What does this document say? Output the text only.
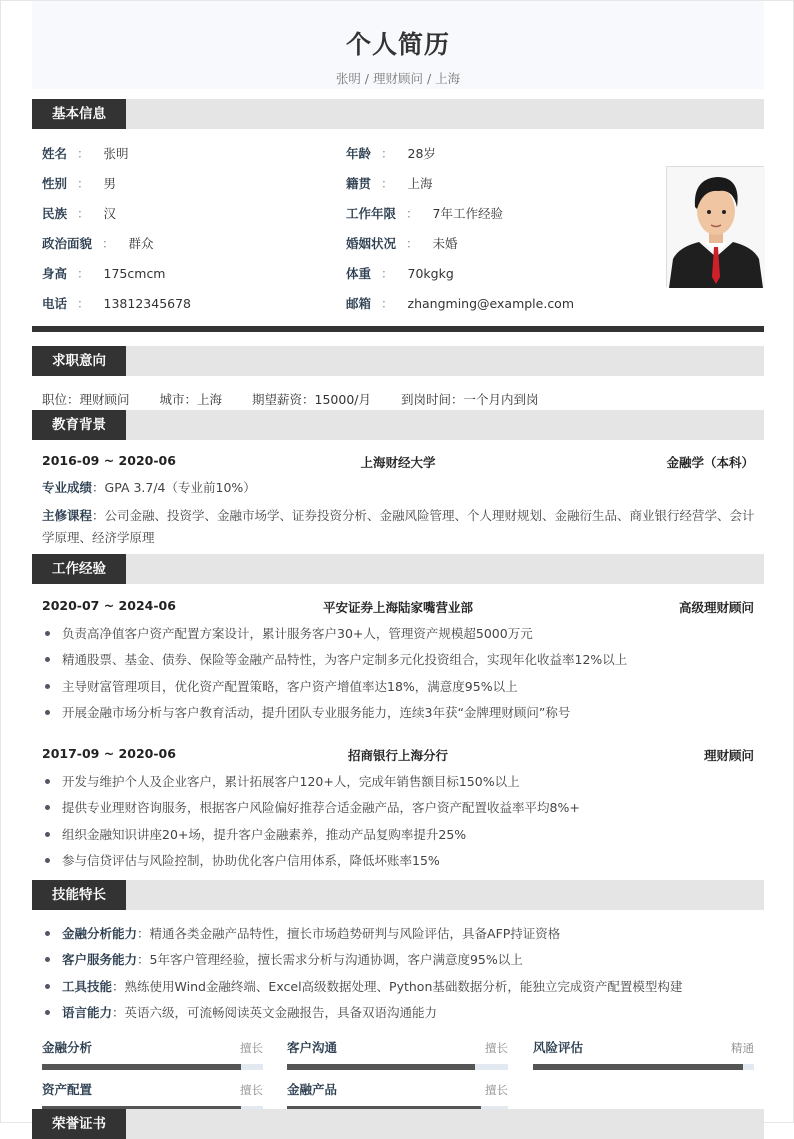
个人简历
张明 / 理财顾问 / 上海
基本信息
姓名 ： 张明
性别 ： 男
民族 ： 汉
政治面貌 ： 群众
身高 ： 175cmcm
电话 ： 13812345678
年龄 ： 28岁
籍贯 ： 上海
工作年限 ： 7年工作经验
婚姻状况 ： 未婚
体重 ： 70kgkg
邮箱 ： zhangming@example.com
求职意向
职位：理财顾问 城市：上海 期望薪资：15000/月 到岗时间：一个月内到岗
教育背景
2016-09 ~ 2020-06	上海财经大学	金融学（本科）
专业成绩：GPA 3.7/4（专业前10%）
主修课程：公司金融、投资学、金融市场学、证券投资分析、金融风险管理、个人理财规划、金融衍生品、商业银行经营学、会计学原理、经济学原理
工作经验
2020-07 ~ 2024-06	平安证券上海陆家嘴营业部	高级理财顾问
负责高净值客户资产配置方案设计，累计服务客户30+人，管理资产规模超5000万元
精通股票、基金、债券、保险等金融产品特性，为客户定制多元化投资组合，实现年化收益率12%以上
主导财富管理项目，优化资产配置策略，客户资产增值率达18%，满意度95%以上
开展金融市场分析与客户教育活动，提升团队专业服务能力，连续3年获“金牌理财顾问”称号
2017-09 ~ 2020-06	招商银行上海分行	理财顾问
开发与维护个人及企业客户，累计拓展客户120+人，完成年销售额目标150%以上
提供专业理财咨询服务，根据客户风险偏好推荐合适金融产品，客户资产配置收益率平均8%+
组织金融知识讲座20+场，提升客户金融素养，推动产品复购率提升25%
参与信贷评估与风险控制，协助优化客户信用体系，降低坏账率15%
技能特长
金融分析能力：精通各类金融产品特性，擅长市场趋势研判与风险评估，具备AFP持证资格
客户服务能力：5年客户管理经验，擅长需求分析与沟通协调，客户满意度95%以上
工具技能：熟练使用Wind金融终端、Excel高级数据处理、Python基础数据分析，能独立完成资产配置模型构建
语言能力：英语六级，可流畅阅读英文金融报告，具备双语沟通能力
金融分析	擅长 客户沟通	擅长 风险评估	精通
资产配置	擅长 金融产品	擅长
荣誉证书
